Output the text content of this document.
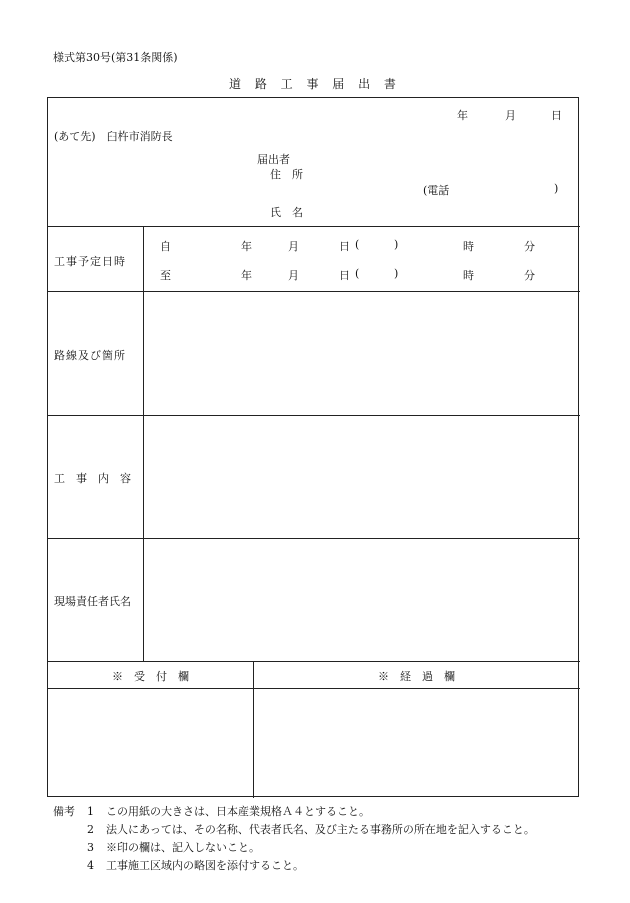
様式第30号(第31条関係)
道 路 工 事 届 出 書
年	月	日
(あて先)　臼杵市消防長
届出者
住　所
(電話	)
氏　名
工事予定日時
自	年	月	日 (	)	時	分
至	年	月	日 (	)	時	分
路線及び箇所
工　事　内　容
現場責任者氏名
※　受　付　欄	※　経　過　欄
備考 1 この用紙の大きさは、日本産業規格Ａ４とすること。
2 法人にあっては、その名称、代表者氏名、及び主たる事務所の所在地を記入すること。
3 ※印の欄は、記入しないこと。
4 工事施工区域内の略図を添付すること。
